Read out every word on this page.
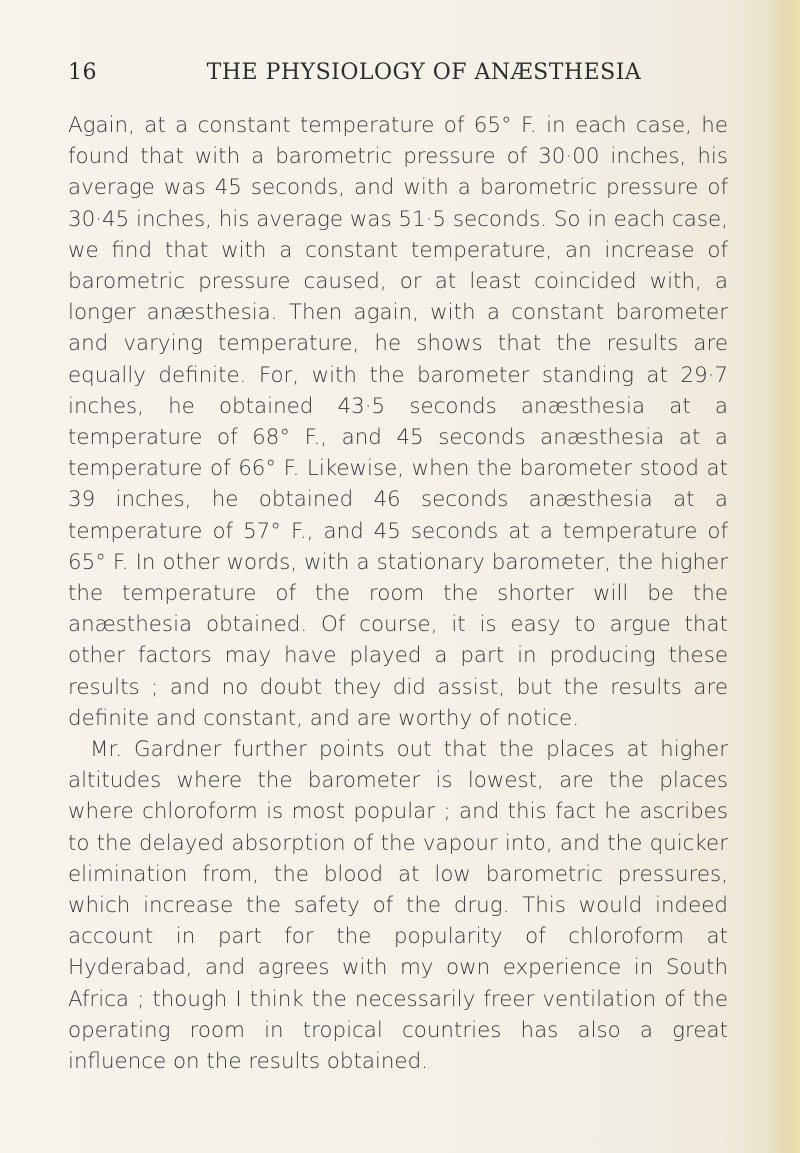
16	THE PHYSIOLOGY OF ANÆSTHESIA

Again, at a constant temperature of 65° F. in each case, he found that with a barometric pressure of 30·00 inches, his average was 45 seconds, and with a barometric pressure of 30·45 inches, his average was 51·5 seconds. So in each case, we find that with a constant temperature, an increase of barometric pressure caused, or at least coincided with, a longer anæsthesia. Then again, with a constant barometer and varying temperature, he shows that the results are equally definite. For, with the barometer standing at 29·7 inches, he obtained 43·5 seconds anæsthesia at a temperature of 68° F., and 45 seconds anæsthesia at a temperature of 66° F. Likewise, when the barometer stood at 39 inches, he obtained 46 seconds anæsthesia at a temperature of 57° F., and 45 seconds at a temperature of 65° F. In other words, with a stationary barometer, the higher the temperature of the room the shorter will be the anæsthesia obtained. Of course, it is easy to argue that other factors may have played a part in producing these results ; and no doubt they did assist, but the results are definite and constant, and are worthy of notice.

Mr. Gardner further points out that the places at higher altitudes where the barometer is lowest, are the places where chloroform is most popular ; and this fact he ascribes to the delayed absorption of the vapour into, and the quicker elimination from, the blood at low barometric pressures, which increase the safety of the drug. This would indeed account in part for the popularity of chloroform at Hyderabad, and agrees with my own experience in South Africa ; though I think the necessarily freer ventilation of the operating room in tropical countries has also a great influence on the results obtained.
